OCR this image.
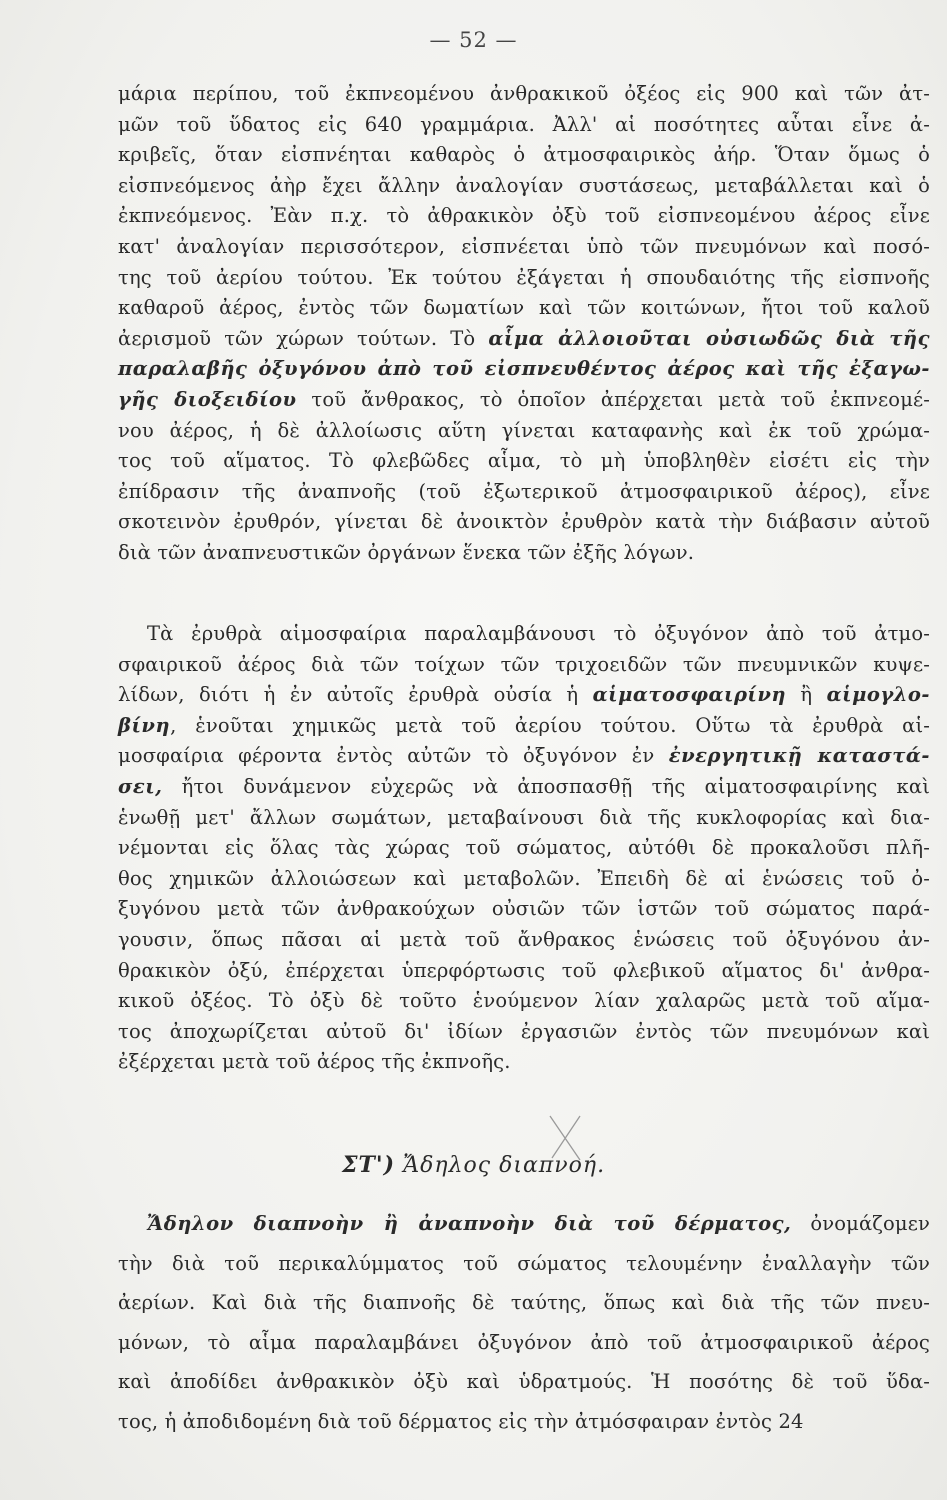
— 52 —
μάρια περίπου, τοῦ ἐκπνεομένου ἀνθρακικοῦ ὀξέος εἰς 900 καὶ τῶν ἀτ-
μῶν τοῦ ὕδατος εἰς 640 γραμμάρια. Ἀλλ' αἱ ποσότητες αὗται εἶνε ἀ-
κριβεῖς, ὅταν εἰσπνέηται καθαρὸς ὁ ἀτμοσφαιρικὸς ἀήρ. Ὅταν ὅμως ὁ
εἰσπνεόμενος ἀὴρ ἔχει ἄλλην ἀναλογίαν συστάσεως, μεταβάλλεται καὶ ὁ
ἐκπνεόμενος. Ἐὰν π.χ. τὸ ἀθρακικὸν ὀξὺ τοῦ εἰσπνεομένου ἀέρος εἶνε
κατ' ἀναλογίαν περισσότερον, εἰσπνέεται ὑπὸ τῶν πνευμόνων καὶ ποσό-
της τοῦ ἀερίου τούτου. Ἐκ τούτου ἐξάγεται ἡ σπουδαιότης τῆς εἰσπνοῆς
καθαροῦ ἀέρος, ἐντὸς τῶν δωματίων καὶ τῶν κοιτώνων, ἤτοι τοῦ καλοῦ
ἀερισμοῦ τῶν χώρων τούτων. Τὸ αἷμα ἀλλοιοῦται οὐσιωδῶς διὰ τῆς
παραλαβῆς ὀξυγόνου ἀπὸ τοῦ εἰσπνευθέντος ἀέρος καὶ τῆς ἐξαγω-
γῆς διοξειδίου τοῦ ἄνθρακος, τὸ ὁποῖον ἀπέρχεται μετὰ τοῦ ἐκπνεομέ-
νου ἀέρος, ἡ δὲ ἀλλοίωσις αὕτη γίνεται καταφανὴς καὶ ἐκ τοῦ χρώμα-
τος τοῦ αἵματος. Τὸ φλεβῶδες αἷμα, τὸ μὴ ὑποβληθὲν εἰσέτι εἰς τὴν
ἐπίδρασιν τῆς ἀναπνοῆς (τοῦ ἐξωτερικοῦ ἀτμοσφαιρικοῦ ἀέρος), εἶνε
σκοτεινὸν ἐρυθρόν, γίνεται δὲ ἀνοικτὸν ἐρυθρὸν κατὰ τὴν διάβασιν αὐτοῦ
διὰ τῶν ἀναπνευστικῶν ὀργάνων ἕνεκα τῶν ἐξῆς λόγων.
Τὰ ἐρυθρὰ αἱμοσφαίρια παραλαμβάνουσι τὸ ὀξυγόνον ἀπὸ τοῦ ἀτμο-
σφαιρικοῦ ἀέρος διὰ τῶν τοίχων τῶν τριχοειδῶν τῶν πνευμνικῶν κυψε-
λίδων, διότι ἡ ἐν αὐτοῖς ἐρυθρὰ οὐσία ἡ αἱματοσφαιρίνη ἢ αἱμογλο-
βίνη, ἑνοῦται χημικῶς μετὰ τοῦ ἀερίου τούτου. Οὕτω τὰ ἐρυθρὰ αἱ-
μοσφαίρια φέροντα ἐντὸς αὐτῶν τὸ ὀξυγόνον ἐν ἐνεργητικῇ καταστά-
σει, ἤτοι δυνάμενον εὐχερῶς νὰ ἀποσπασθῇ τῆς αἱματοσφαιρίνης καὶ
ἑνωθῇ μετ' ἄλλων σωμάτων, μεταβαίνουσι διὰ τῆς κυκλοφορίας καὶ δια-
νέμονται εἰς ὅλας τὰς χώρας τοῦ σώματος, αὐτόθι δὲ προκαλοῦσι πλῆ-
θος χημικῶν ἀλλοιώσεων καὶ μεταβολῶν. Ἐπειδὴ δὲ αἱ ἑνώσεις τοῦ ὀ-
ξυγόνου μετὰ τῶν ἀνθρακούχων οὐσιῶν τῶν ἱστῶν τοῦ σώματος παρά-
γουσιν, ὅπως πᾶσαι αἱ μετὰ τοῦ ἄνθρακος ἑνώσεις τοῦ ὀξυγόνου ἀν-
θρακικὸν ὀξύ, ἐπέρχεται ὑπερφόρτωσις τοῦ φλεβικοῦ αἵματος δι' ἀνθρα-
κικοῦ ὀξέος. Τὸ ὀξὺ δὲ τοῦτο ἑνούμενον λίαν χαλαρῶς μετὰ τοῦ αἵμα-
τος ἀποχωρίζεται αὐτοῦ δι' ἰδίων ἐργασιῶν ἐντὸς τῶν πνευμόνων καὶ
ἐξέρχεται μετὰ τοῦ ἀέρος τῆς ἐκπνοῆς.
Ἄδηλον διαπνοὴν ἢ ἀναπνοὴν διὰ τοῦ δέρματος, ὀνομάζομεν
τὴν διὰ τοῦ περικαλύμματος τοῦ σώματος τελουμένην ἐναλλαγὴν τῶν
ἀερίων. Καὶ διὰ τῆς διαπνοῆς δὲ ταύτης, ὅπως καὶ διὰ τῆς τῶν πνευ-
μόνων, τὸ αἷμα παραλαμβάνει ὀξυγόνον ἀπὸ τοῦ ἀτμοσφαιρικοῦ ἀέρος
καὶ ἀποδίδει ἀνθρακικὸν ὀξὺ καὶ ὑδρατμούς. Ἡ ποσότης δὲ τοῦ ὕδα-
τος, ἡ ἀποδιδομένη διὰ τοῦ δέρματος εἰς τὴν ἀτμόσφαιραν ἐντὸς 24
ΣΤ') Ἄδηλος διαπνοή.
